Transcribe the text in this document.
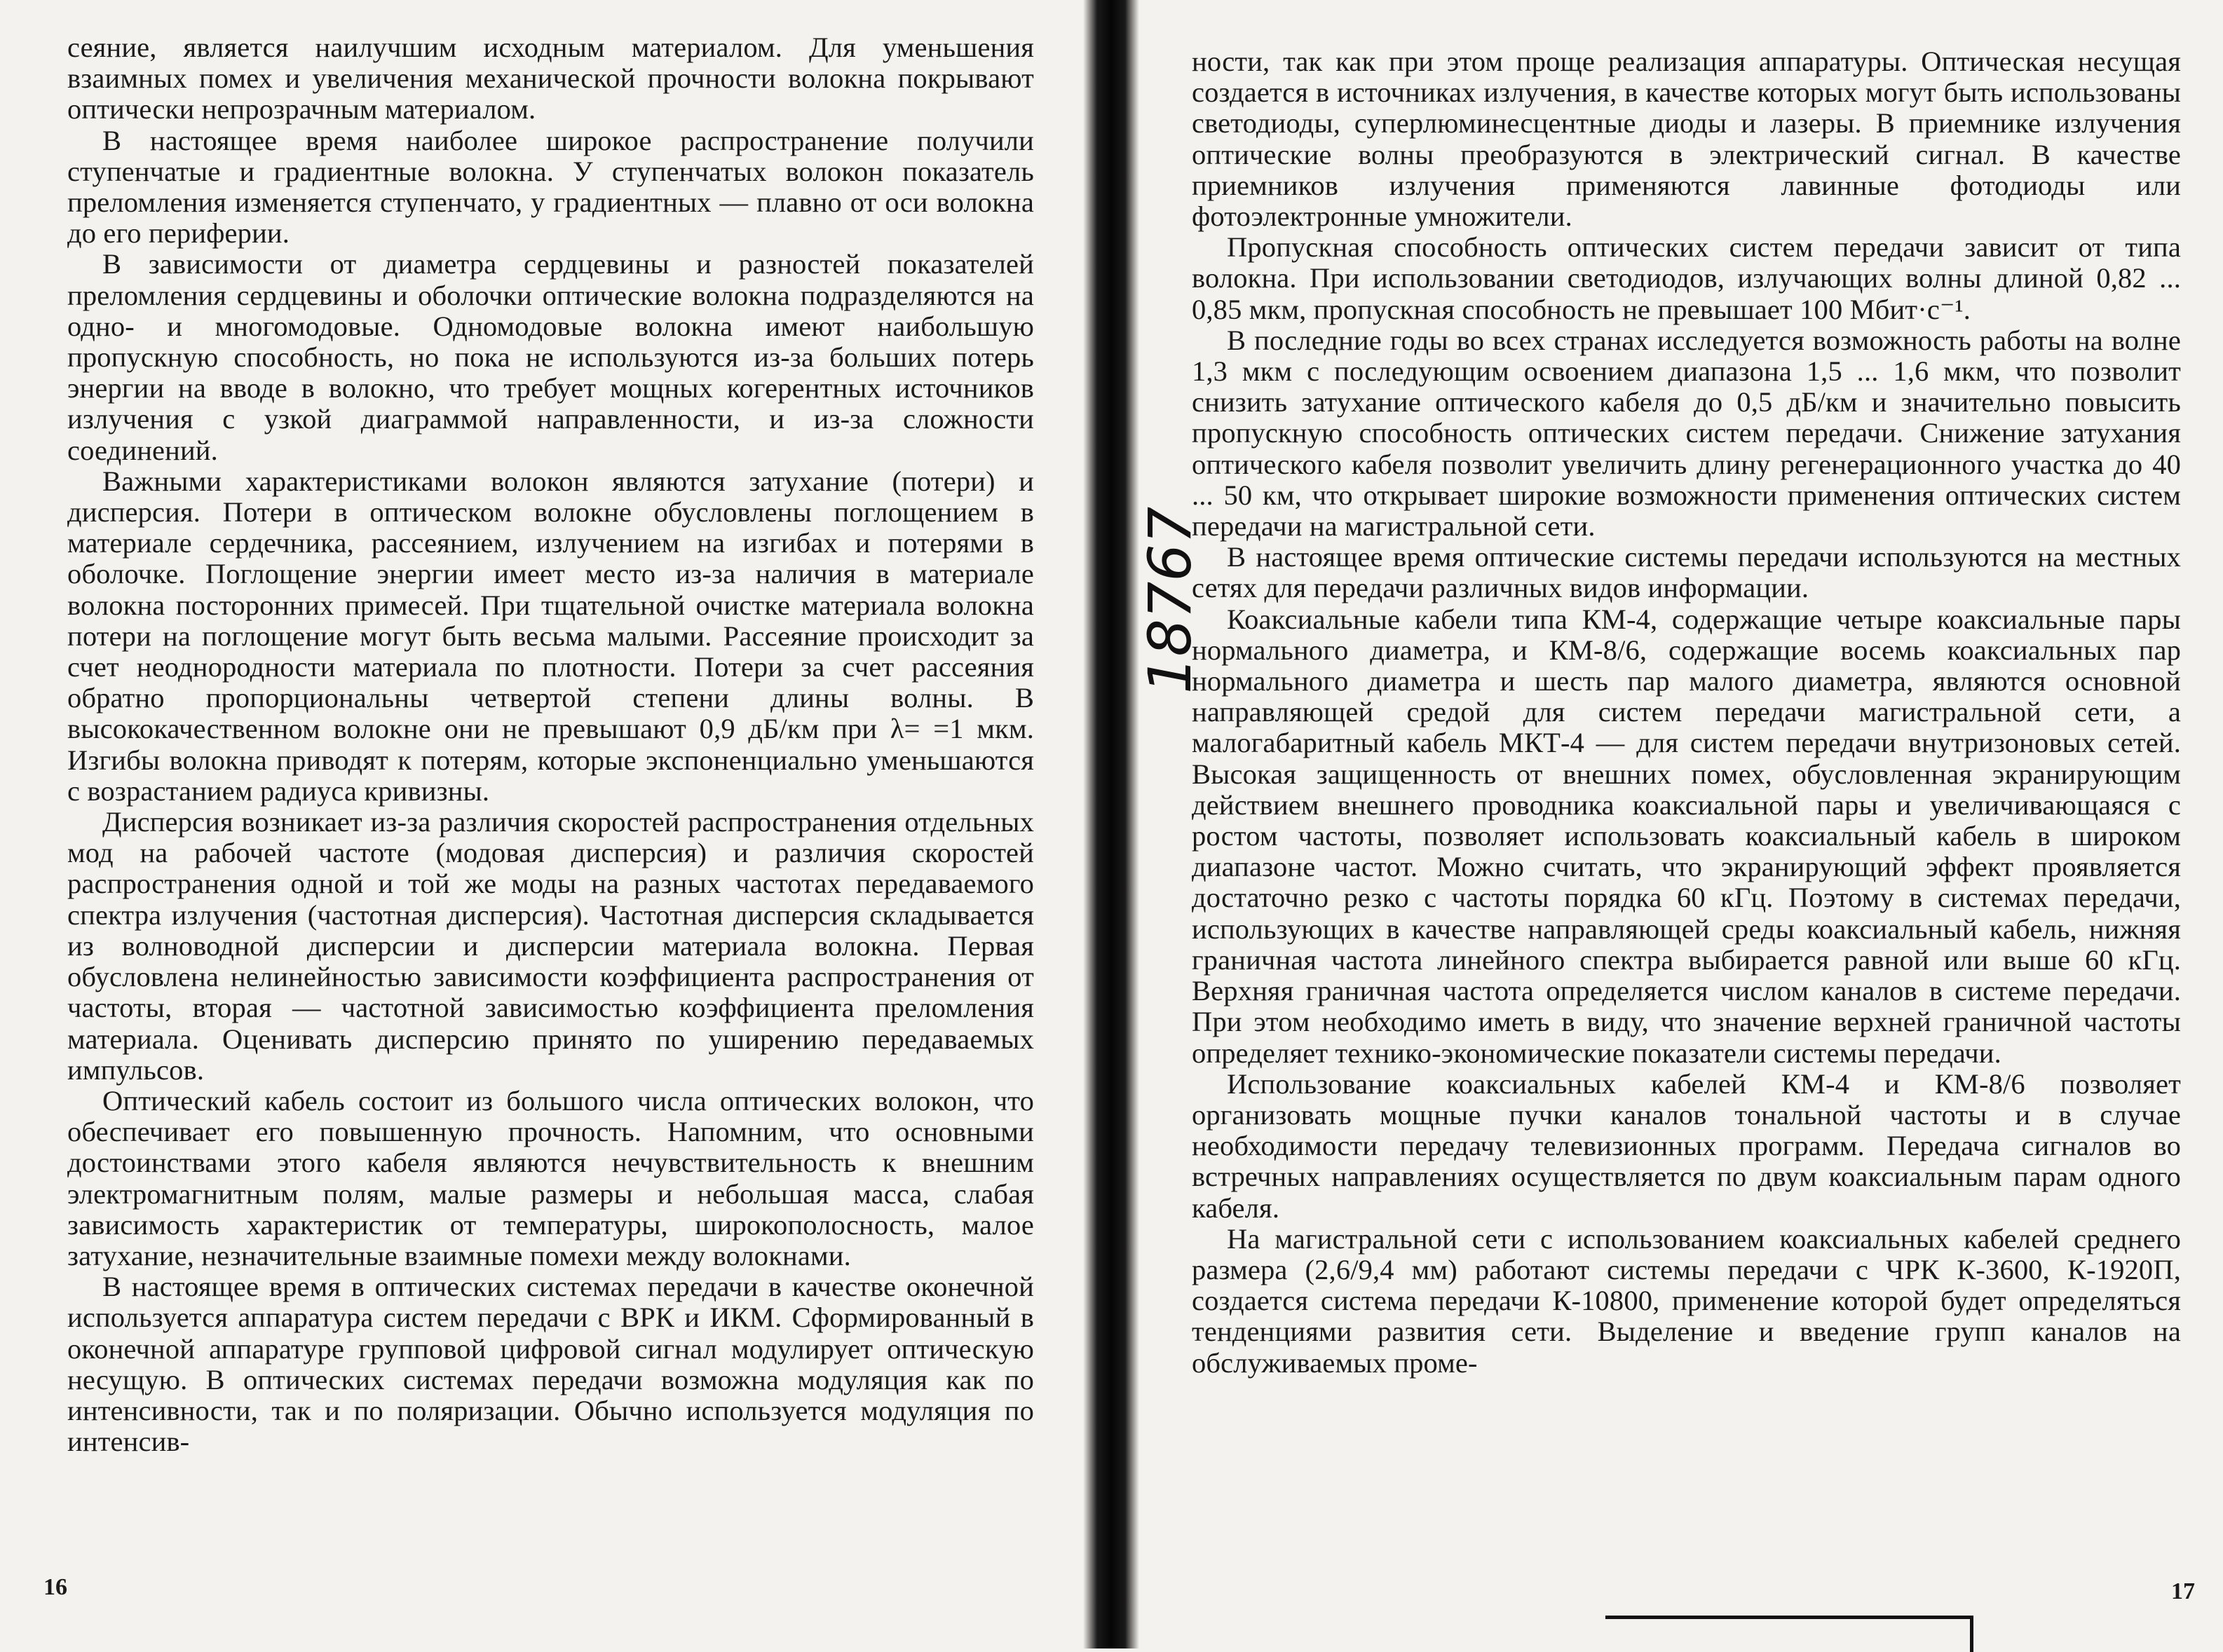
сеяние, является наилучшим исходным материалом. Для уменьшения взаимных помех и увеличения механической прочности волокна покрывают оптически непрозрачным материалом.

В настоящее время наиболее широкое распространение получили ступенчатые и градиентные волокна. У ступенчатых волокон показатель преломления изменяется ступенчато, у градиентных — плавно от оси волокна до его периферии.

В зависимости от диаметра сердцевины и разностей показателей преломления сердцевины и оболочки оптические волокна подразделяются на одно- и многомодовые. Одномодовые волокна имеют наибольшую пропускную способность, но пока не используются из-за больших потерь энергии на вводе в волокно, что требует мощных когерентных источников излучения с узкой диаграммой направленности, и из-за сложности соединений.

Важными характеристиками волокон являются затухание (потери) и дисперсия. Потери в оптическом волокне обусловлены поглощением в материале сердечника, рассеянием, излучением на изгибах и потерями в оболочке. Поглощение энергии имеет место из-за наличия в материале волокна посторонних примесей. При тщательной очистке материала волокна потери на поглощение могут быть весьма малыми. Рассеяние происходит за счет неоднородности материала по плотности. Потери за счет рассеяния обратно пропорциональны четвертой степени длины волны. В высококачественном волокне они не превышают 0,9 дБ/км при λ= =1 мкм. Изгибы волокна приводят к потерям, которые экспоненциально уменьшаются с возрастанием радиуса кривизны.

Дисперсия возникает из-за различия скоростей распространения отдельных мод на рабочей частоте (модовая дисперсия) и различия скоростей распространения одной и той же моды на разных частотах передаваемого спектра излучения (частотная дисперсия). Частотная дисперсия складывается из волноводной дисперсии и дисперсии материала волокна. Первая обусловлена нелинейностью зависимости коэффициента распространения от частоты, вторая — частотной зависимостью коэффициента преломления материала. Оценивать дисперсию принято по уширению передаваемых импульсов.

Оптический кабель состоит из большого числа оптических волокон, что обеспечивает его повышенную прочность. Напомним, что основными достоинствами этого кабеля являются нечувствительность к внешним электромагнитным полям, малые размеры и небольшая масса, слабая зависимость характеристик от температуры, широкополосность, малое затухание, незначительные взаимные помехи между волокнами.

В настоящее время в оптических системах передачи в качестве оконечной используется аппаратура систем передачи с ВРК и ИКМ. Сформированный в оконечной аппаратуре групповой цифровой сигнал модулирует оптическую несущую. В оптических системах передачи возможна модуляция как по интенсивности, так и по поляризации. Обычно используется модуляция по интенсив-

16
18767

ности, так как при этом проще реализация аппаратуры. Оптическая несущая создается в источниках излучения, в качестве которых могут быть использованы светодиоды, суперлюминесцентные диоды и лазеры. В приемнике излучения оптические волны преобразуются в электрический сигнал. В качестве приемников излучения применяются лавинные фотодиоды или фотоэлектронные умножители.

Пропускная способность оптических систем передачи зависит от типа волокна. При использовании светодиодов, излучающих волны длиной 0,82 ... 0,85 мкм, пропускная способность не превышает 100 Мбит·с⁻¹.

В последние годы во всех странах исследуется возможность работы на волне 1,3 мкм с последующим освоением диапазона 1,5 ... 1,6 мкм, что позволит снизить затухание оптического кабеля до 0,5 дБ/км и значительно повысить пропускную способность оптических систем передачи. Снижение затухания оптического кабеля позволит увеличить длину регенерационного участка до 40 ... 50 км, что открывает широкие возможности применения оптических систем передачи на магистральной сети.

В настоящее время оптические системы передачи используются на местных сетях для передачи различных видов информации.

Коаксиальные кабели типа КМ-4, содержащие четыре коаксиальные пары нормального диаметра, и КМ-8/6, содержащие восемь коаксиальных пар нормального диаметра и шесть пар малого диаметра, являются основной направляющей средой для систем передачи магистральной сети, а малогабаритный кабель МКТ-4 — для систем передачи внутризоновых сетей. Высокая защищенность от внешних помех, обусловленная экранирующим действием внешнего проводника коаксиальной пары и увеличивающаяся с ростом частоты, позволяет использовать коаксиальный кабель в широком диапазоне частот. Можно считать, что экранирующий эффект проявляется достаточно резко с частоты порядка 60 кГц. Поэтому в системах передачи, использующих в качестве направляющей среды коаксиальный кабель, нижняя граничная частота линейного спектра выбирается равной или выше 60 кГц. Верхняя граничная частота определяется числом каналов в системе передачи. При этом необходимо иметь в виду, что значение верхней граничной частоты определяет технико-экономические показатели системы передачи.

Использование коаксиальных кабелей КМ-4 и КМ-8/6 позволяет организовать мощные пучки каналов тональной частоты и в случае необходимости передачу телевизионных программ. Передача сигналов во встречных направлениях осуществляется по двум коаксиальным парам одного кабеля.

На магистральной сети с использованием коаксиальных кабелей среднего размера (2,6/9,4 мм) работают системы передачи с ЧРК К-3600, К-1920П, создается система передачи К-10800, применение которой будет определяться тенденциями развития сети. Выделение и введение групп каналов на обслуживаемых проме-

17
